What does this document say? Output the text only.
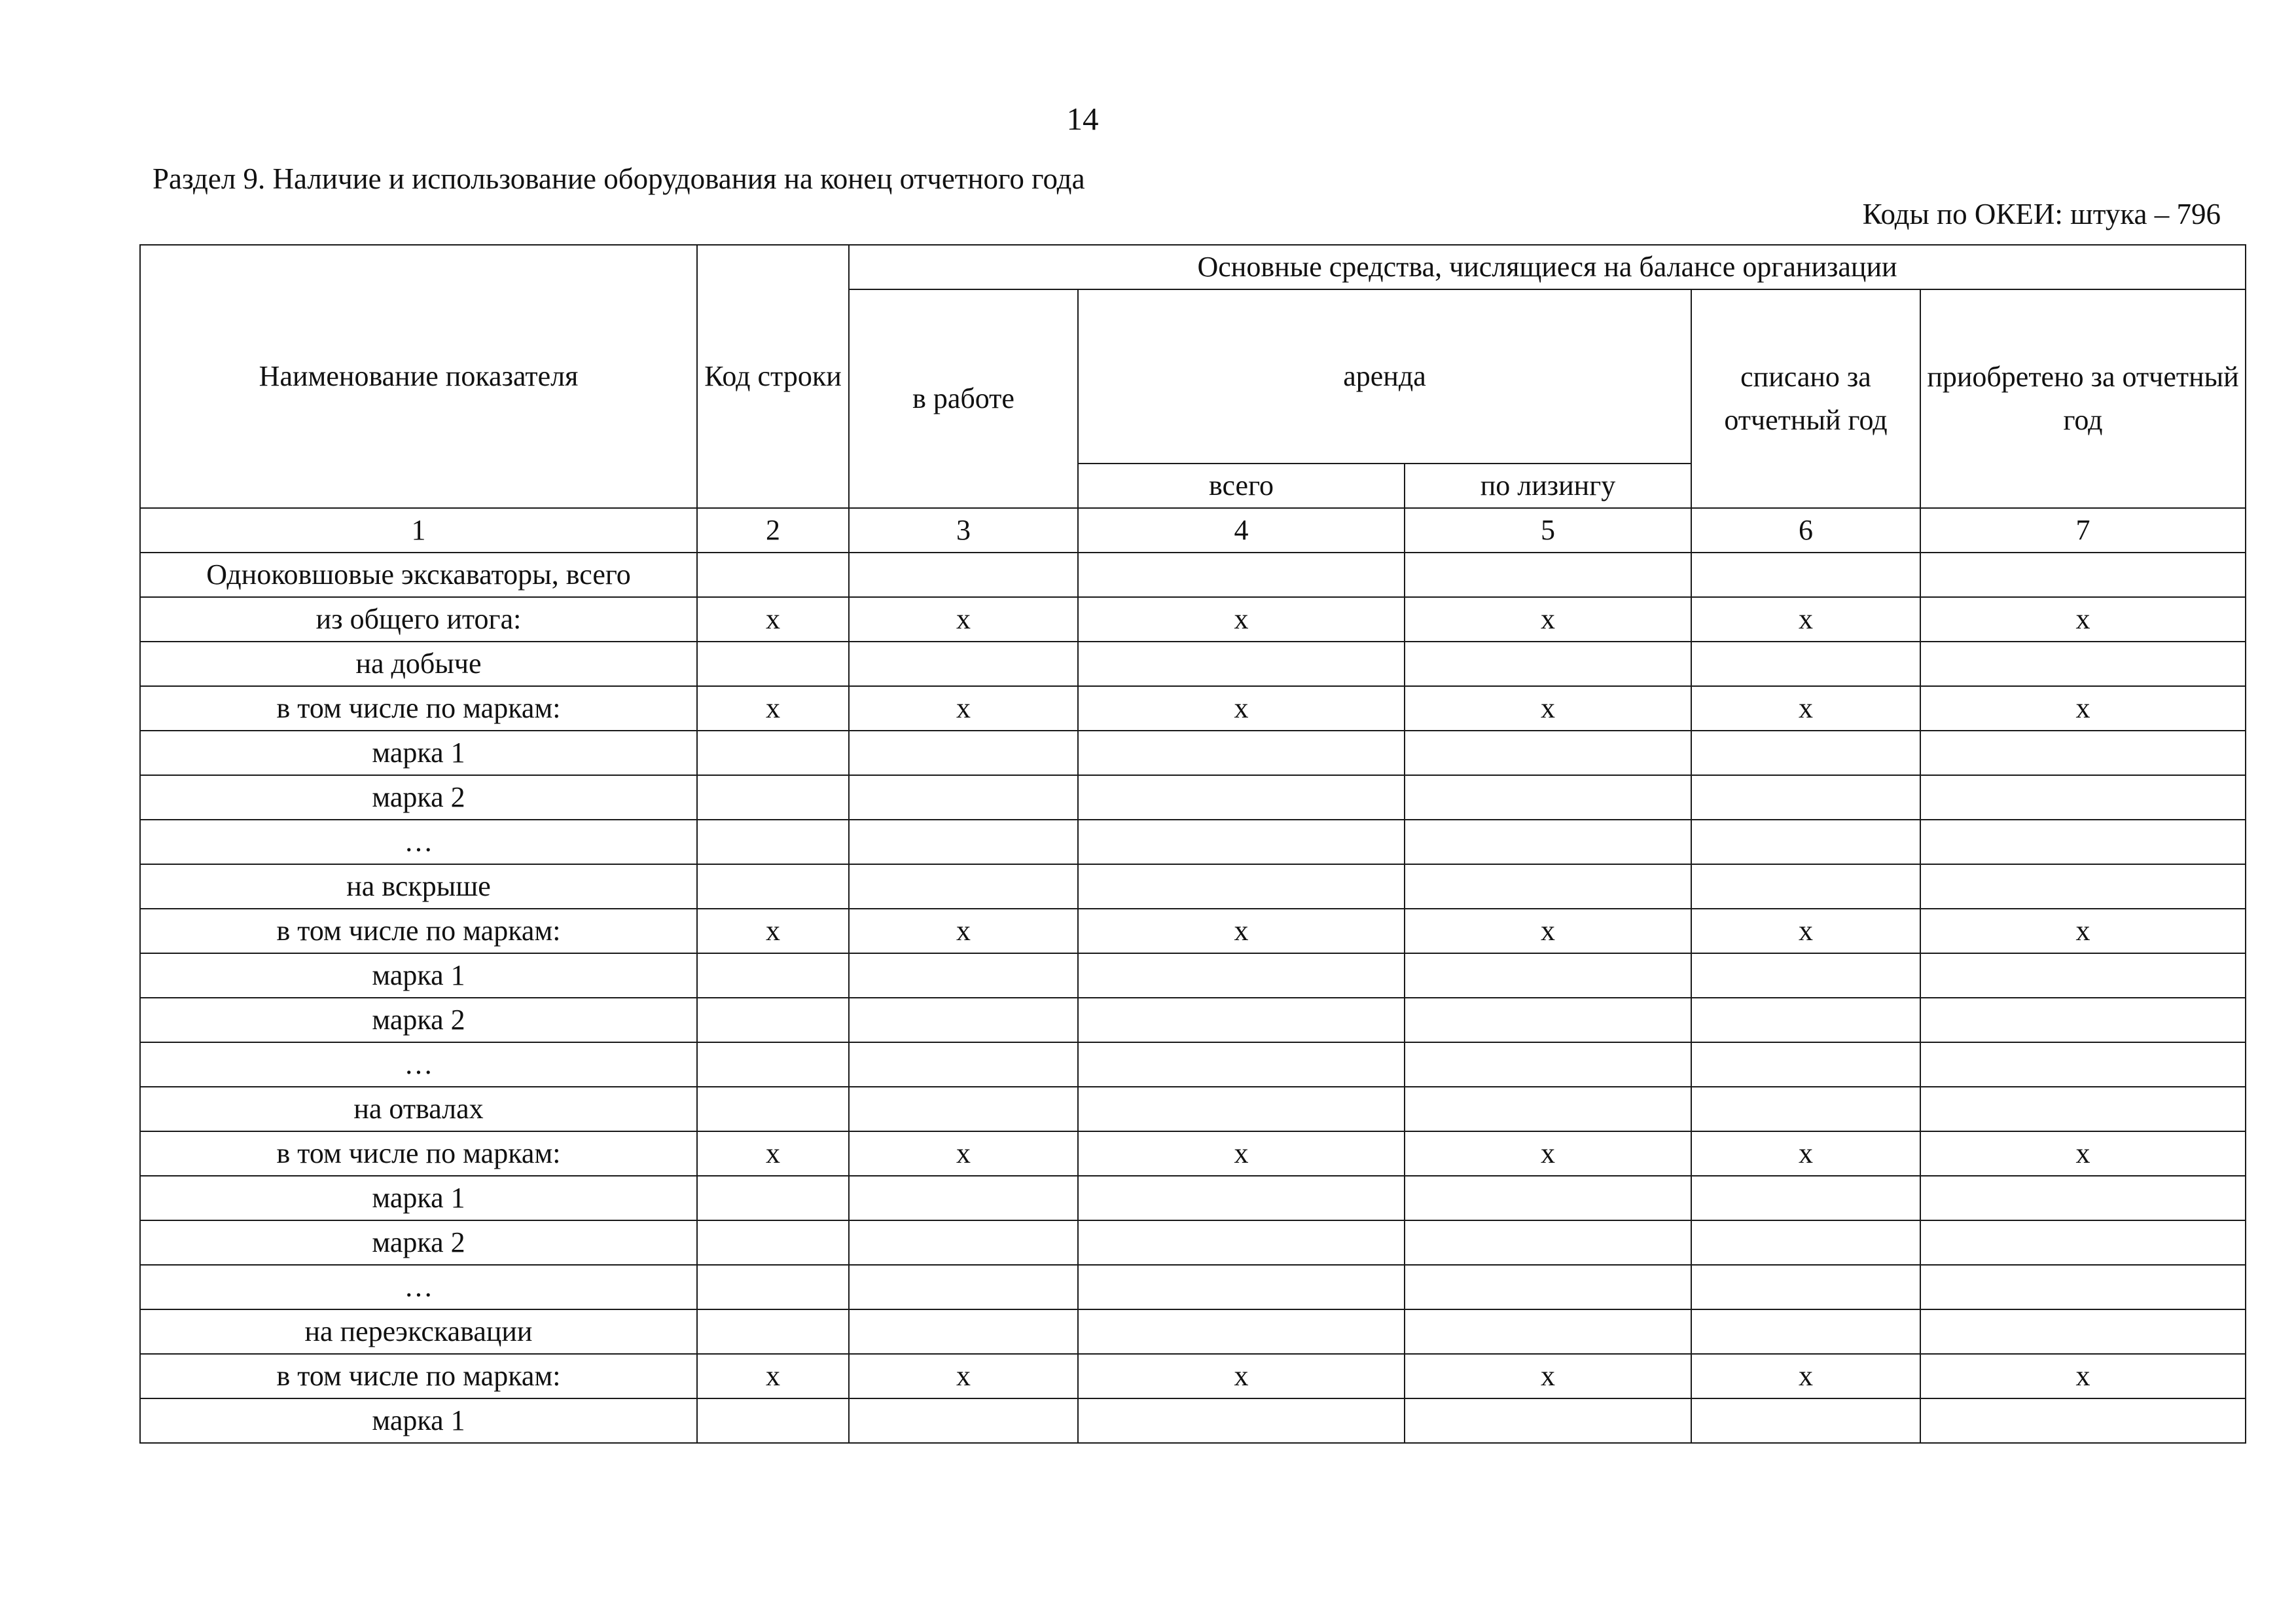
14
Раздел 9. Наличие и использование оборудования на конец отчетного года
Коды по ОКЕИ: штука – 796
Наименование показателя	Код строки	Основные средства, числящиеся на балансе организации				
		в работе	аренда		списано за отчетный год	приобретено за отчетный год
			всего	по лизингу		
1	2	3	4	5	6	7
Одноковшовые экскаваторы, всего						
из общего итога:	х	х	х	х	х	х
на добыче						
в том числе по маркам:	х	х	х	х	х	х
марка 1						
марка 2						
…						
на вскрыше						
в том числе по маркам:	х	х	х	х	х	х
марка 1						
марка 2						
…						
на отвалах						
в том числе по маркам:	х	х	х	х	х	х
марка 1						
марка 2						
…						
на переэкскавации						
в том числе по маркам:	х	х	х	х	х	х
марка 1						
